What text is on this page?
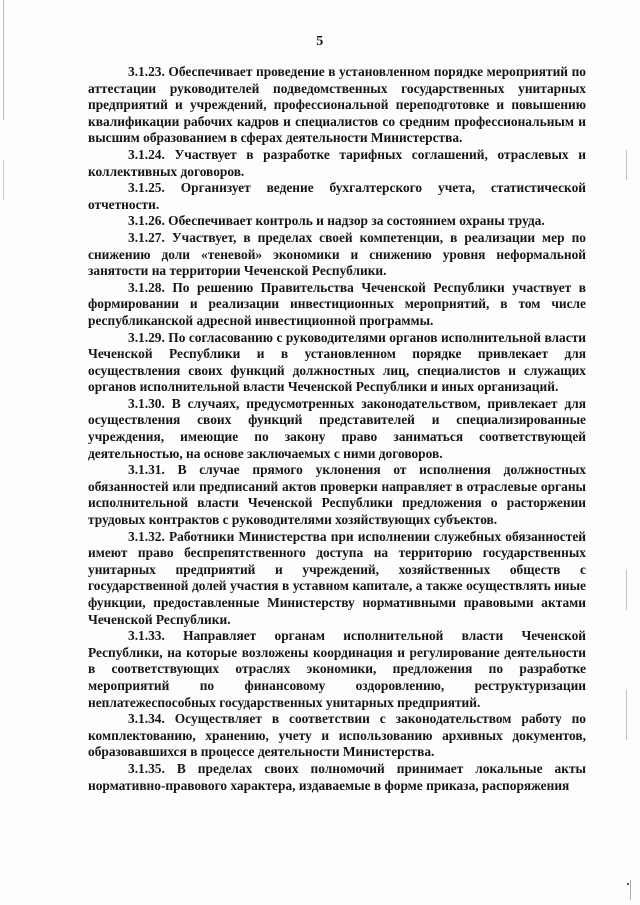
5

3.1.23. Обеспечивает проведение в установленном порядке мероприятий по аттестации руководителей подведомственных государственных унитарных предприятий и учреждений, профессиональной переподготовке и повышению квалификации рабочих кадров и специалистов со средним профессиональным и высшим образованием в сферах деятельности Министерства.

3.1.24. Участвует в разработке тарифных соглашений, отраслевых и коллективных договоров.

3.1.25. Организует ведение бухгалтерского учета, статистической отчетности.

3.1.26. Обеспечивает контроль и надзор за состоянием охраны труда.

3.1.27. Участвует, в пределах своей компетенции, в реализации мер по снижению доли «теневой» экономики и снижению уровня неформальной занятости на территории Чеченской Республики.

3.1.28. По решению Правительства Чеченской Республики участвует в формировании и реализации инвестиционных мероприятий, в том числе республиканской адресной инвестиционной программы.

3.1.29. По согласованию с руководителями органов исполнительной власти Чеченской Республики и в установленном порядке привлекает для осуществления своих функций должностных лиц, специалистов и служащих органов исполнительной власти Чеченской Республики и иных организаций.

3.1.30. В случаях, предусмотренных законодательством, привлекает для осуществления своих функций представителей и специализированные учреждения, имеющие по закону право заниматься соответствующей деятельностью, на основе заключаемых с ними договоров.

3.1.31. В случае прямого уклонения от исполнения должностных обязанностей или предписаний актов проверки направляет в отраслевые органы исполнительной власти Чеченской Республики предложения о расторжении трудовых контрактов с руководителями хозяйствующих субъектов.

3.1.32. Работники Министерства при исполнении служебных обязанностей имеют право беспрепятственного доступа на территорию государственных унитарных предприятий и учреждений, хозяйственных обществ с государственной долей участия в уставном капитале, а также осуществлять иные функции, предоставленные Министерству нормативными правовыми актами Чеченской Республики.

3.1.33. Направляет органам исполнительной власти Чеченской Республики, на которые возложены координация и регулирование деятельности в соответствующих отраслях экономики, предложения по разработке мероприятий по финансовому оздоровлению, реструктуризации неплатежеспособных государственных унитарных предприятий.

3.1.34. Осуществляет в соответствии с законодательством работу по комплектованию, хранению, учету и использованию архивных документов, образовавшихся в процессе деятельности Министерства.

3.1.35. В пределах своих полномочий принимает локальные акты нормативно-правового характера, издаваемые в форме приказа, распоряжения
